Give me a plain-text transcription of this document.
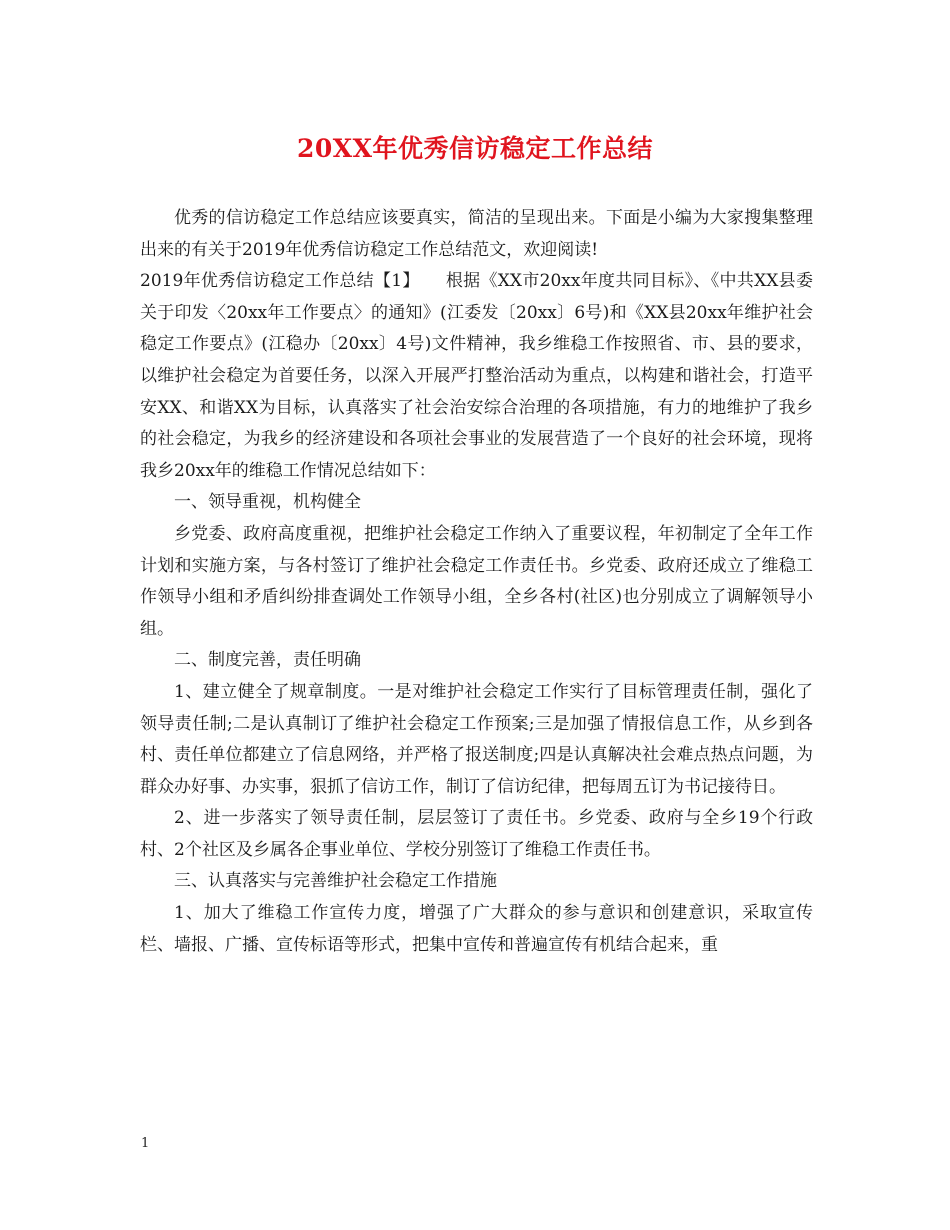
20XX年优秀信访稳定工作总结

优秀的信访稳定工作总结应该要真实，简洁的呈现出来。下面是小编为大家搜集整理出来的有关于2019年优秀信访稳定工作总结范文，欢迎阅读!

2019年优秀信访稳定工作总结【1】　　根据《XX市20xx年度共同目标》、《中共XX县委关于印发〈20xx年工作要点〉的通知》(江委发〔20xx〕6号)和《XX县20xx年维护社会稳定工作要点》(江稳办〔20xx〕4号)文件精神，我乡维稳工作按照省、市、县的要求，以维护社会稳定为首要任务，以深入开展严打整治活动为重点，以构建和谐社会，打造平安XX、和谐XX为目标，认真落实了社会治安综合治理的各项措施，有力的地维护了我乡的社会稳定，为我乡的经济建设和各项社会事业的发展营造了一个良好的社会环境，现将我乡20xx年的维稳工作情况总结如下：

一、领导重视，机构健全

乡党委、政府高度重视，把维护社会稳定工作纳入了重要议程，年初制定了全年工作计划和实施方案，与各村签订了维护社会稳定工作责任书。乡党委、政府还成立了维稳工作领导小组和矛盾纠纷排查调处工作领导小组，全乡各村(社区)也分别成立了调解领导小组。

二、制度完善，责任明确

1、建立健全了规章制度。一是对维护社会稳定工作实行了目标管理责任制，强化了领导责任制;二是认真制订了维护社会稳定工作预案;三是加强了情报信息工作，从乡到各村、责任单位都建立了信息网络，并严格了报送制度;四是认真解决社会难点热点问题，为群众办好事、办实事，狠抓了信访工作，制订了信访纪律，把每周五订为书记接待日。

2、进一步落实了领导责任制，层层签订了责任书。乡党委、政府与全乡19个行政村、2个社区及乡属各企事业单位、学校分别签订了维稳工作责任书。

三、认真落实与完善维护社会稳定工作措施

1、加大了维稳工作宣传力度，增强了广大群众的参与意识和创建意识，采取宣传栏、墙报、广播、宣传标语等形式，把集中宣传和普遍宣传有机结合起来，重

1
